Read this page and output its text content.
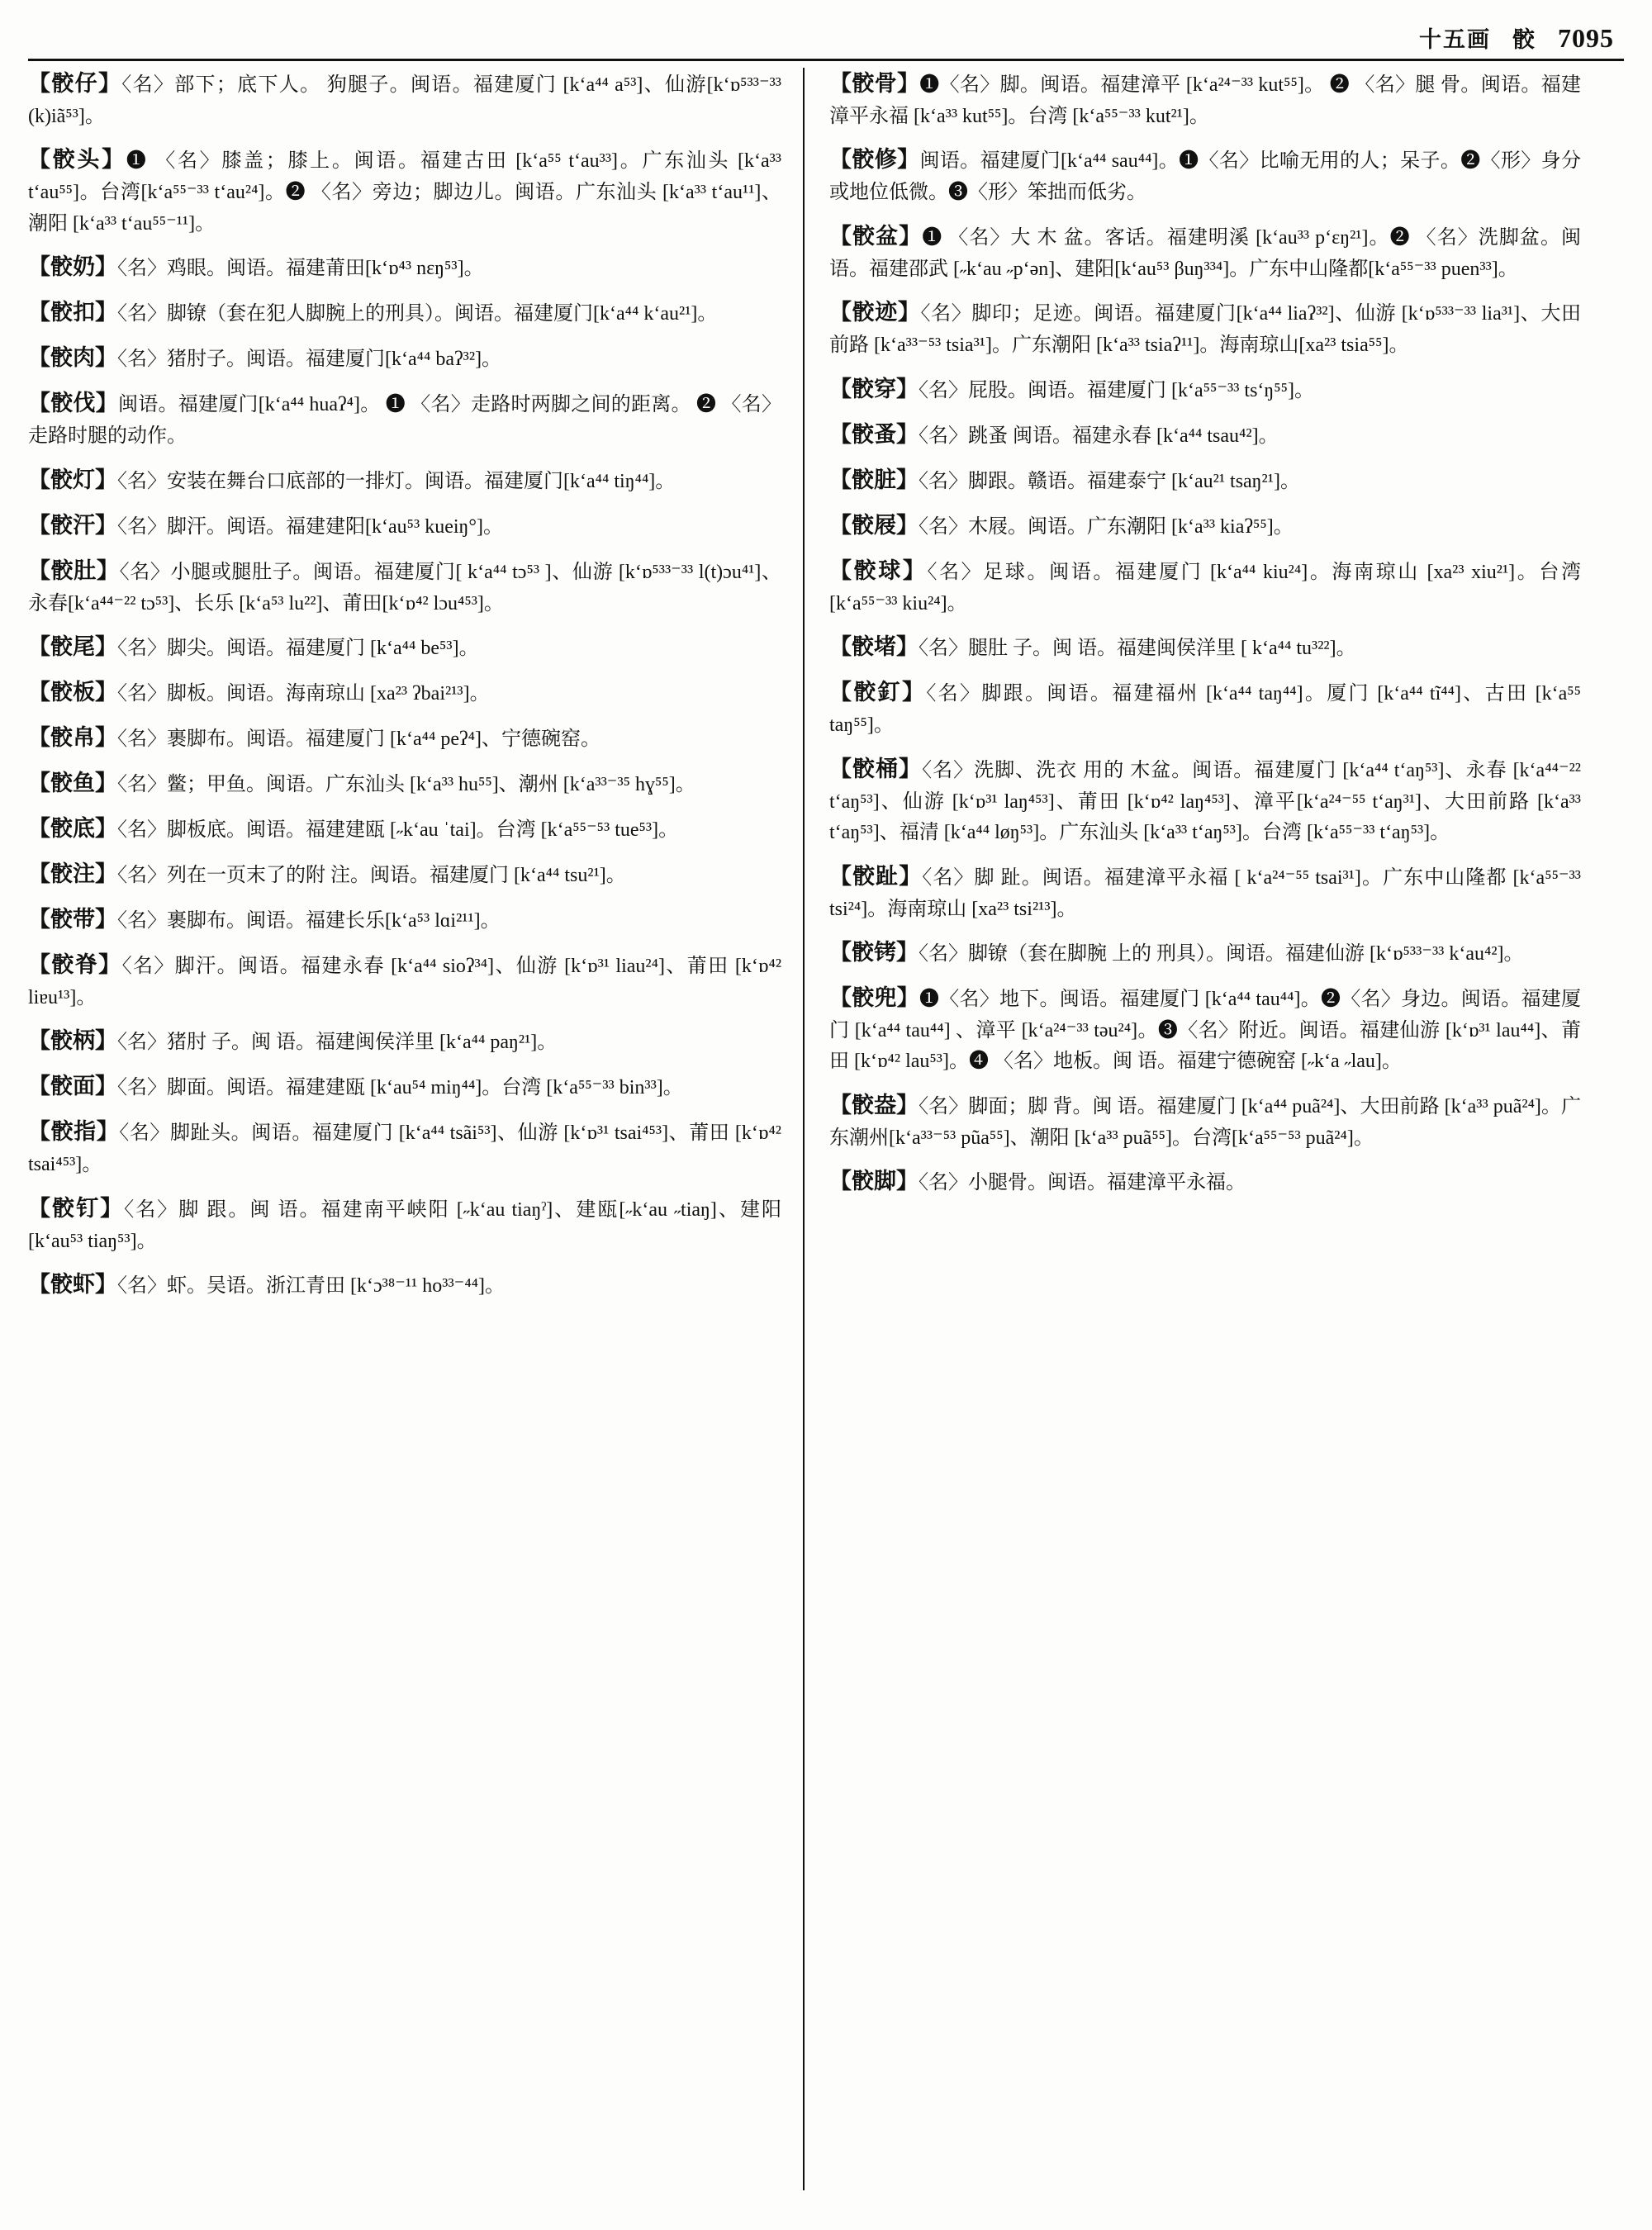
十五画 骹 7095
【骹仔】〈名〉部下；底下人。 狗腿子。闽语。福建厦门 [kʻa⁴⁴ a⁵³]、仙游[kʻɒ⁵³³⁻³³ (k)iã⁵³]。
【骹头】❶ 〈名〉膝盖；膝上。闽语。福建古田 [kʻa⁵⁵ tʻau³³]。广东汕头 [kʻa³³ tʻau⁵⁵]。台湾[kʻa⁵⁵⁻³³ tʻau²⁴]。❷ 〈名〉旁边；脚边儿。闽语。广东汕头 [kʻa³³ tʻau¹¹]、潮阳 [kʻa³³ tʻau⁵⁵⁻¹¹]。
【骹奶】〈名〉鸡眼。闽语。福建莆田[kʻɒ⁴³ nɛŋ⁵³]。
【骹扣】〈名〉脚镣（套在犯人脚腕上的刑具）。闽语。福建厦门[kʻa⁴⁴ kʻau²¹]。
【骹肉】〈名〉猪肘子。闽语。福建厦门[kʻa⁴⁴ baʔ³²]。
【骹伐】闽语。福建厦门[kʻa⁴⁴ huaʔ⁴]。 ❶ 〈名〉走路时两脚之间的距离。 ❷ 〈名〉走路时腿的动作。
【骹灯】〈名〉安装在舞台口底部的一排灯。闽语。福建厦门[kʻa⁴⁴ tiŋ⁴⁴]。
【骹汗】〈名〉脚汗。闽语。福建建阳[kʻau⁵³ kueiŋ°]。
【骹肚】〈名〉小腿或腿肚子。闽语。福建厦门[ kʻa⁴⁴ tɔ⁵³ ]、仙游 [kʻɒ⁵³³⁻³³ l(t)ɔu⁴¹]、永春[kʻa⁴⁴⁻²² tɔ⁵³]、长乐 [kʻa⁵³ lu²²]、莆田[kʻɒ⁴² lɔu⁴⁵³]。
【骹尾】〈名〉脚尖。闽语。福建厦门 [kʻa⁴⁴ be⁵³]。
【骹板】〈名〉脚板。闽语。海南琼山 [xa²³ ʔbai²¹³]。
【骹帛】〈名〉裹脚布。闽语。福建厦门 [kʻa⁴⁴ peʔ⁴]、宁德碗窑。
【骹鱼】〈名〉鳖；甲鱼。闽语。广东汕头 [kʻa³³ hu⁵⁵]、潮州 [kʻa³³⁻³⁵ hɣ⁵⁵]。
【骹底】〈名〉脚板底。闽语。福建建瓯 [˶kʻau ˈtai]。台湾 [kʻa⁵⁵⁻⁵³ tue⁵³]。
【骹注】〈名〉列在一页末了的附 注。闽语。福建厦门 [kʻa⁴⁴ tsu²¹]。
【骹带】〈名〉裹脚布。闽语。福建长乐[kʻa⁵³ lɑi²¹¹]。
【骹脊】〈名〉脚汗。闽语。福建永春 [kʻa⁴⁴ sioʔ³⁴]、仙游 [kʻɒ³¹ liau²⁴]、莆田 [kʻɒ⁴² liɐu¹³]。
【骹柄】〈名〉猪肘 子。闽 语。福建闽侯洋里 [kʻa⁴⁴ paŋ²¹]。
【骹面】〈名〉脚面。闽语。福建建瓯 [kʻau⁵⁴ miŋ⁴⁴]。台湾 [kʻa⁵⁵⁻³³ bin³³]。
【骹指】〈名〉脚趾头。闽语。福建厦门 [kʻa⁴⁴ tsãi⁵³]、仙游 [kʻɒ³¹ tsai⁴⁵³]、莆田 [kʻɒ⁴² tsai⁴⁵³]。
【骹钉】〈名〉脚 跟。闽 语。福建南平峡阳 [˶kʻau tiaŋˀ]、建瓯[˶kʻau ˶tiaŋ]、建阳 [kʻau⁵³ tiaŋ⁵³]。
【骹虾】〈名〉虾。吴语。浙江青田 [kʻɔ³⁸⁻¹¹ ho³³⁻⁴⁴]。
【骹骨】❶〈名〉脚。闽语。福建漳平 [kʻa²⁴⁻³³ kut⁵⁵]。 ❷ 〈名〉腿 骨。闽语。福建漳平永福 [kʻa³³ kut⁵⁵]。台湾 [kʻa⁵⁵⁻³³ kut²¹]。
【骹修】闽语。福建厦门[kʻa⁴⁴ sau⁴⁴]。❶〈名〉比喻无用的人；呆子。❷〈形〉身分或地位低微。❸〈形〉笨拙而低劣。
【骹盆】❶ 〈名〉大 木 盆。客话。福建明溪 [kʻau³³ pʻɛŋ²¹]。❷ 〈名〉洗脚盆。闽 语。福建邵武 [˶kʻau ˶pʻən]、建阳[kʻau⁵³ βuŋ³³⁴]。广东中山隆都[kʻa⁵⁵⁻³³ puen³³]。
【骹迹】〈名〉脚印；足迹。闽语。福建厦门[kʻa⁴⁴ liaʔ³²]、仙游 [kʻɒ⁵³³⁻³³ lia³¹]、大田前路 [kʻa³³⁻⁵³ tsia³¹]。广东潮阳 [kʻa³³ tsiaʔ¹¹]。海南琼山[xa²³ tsia⁵⁵]。
【骹穿】〈名〉屁股。闽语。福建厦门 [kʻa⁵⁵⁻³³ tsʻŋ⁵⁵]。
【骹蚤】〈名〉跳蚤 闽语。福建永春 [kʻa⁴⁴ tsau⁴²]。
【骹脏】〈名〉脚跟。赣语。福建泰宁 [kʻau²¹ tsaŋ²¹]。
【骹屐】〈名〉木屐。闽语。广东潮阳 [kʻa³³ kiaʔ⁵⁵]。
【骹球】〈名〉足球。闽语。福建厦门 [kʻa⁴⁴ kiu²⁴]。海南琼山 [xa²³ xiu²¹]。台湾 [kʻa⁵⁵⁻³³ kiu²⁴]。
【骹堵】〈名〉腿肚 子。闽 语。福建闽侯洋里 [ kʻa⁴⁴ tu³²²]。
【骹釘】〈名〉脚跟。闽语。福建福州 [kʻa⁴⁴ taŋ⁴⁴]。厦门 [kʻa⁴⁴ tĩ⁴⁴]、古田 [kʻa⁵⁵ taŋ⁵⁵]。
【骹桶】〈名〉洗脚、洗衣 用的 木盆。闽语。福建厦门 [kʻa⁴⁴ tʻaŋ⁵³]、永春 [kʻa⁴⁴⁻²² tʻaŋ⁵³]、仙游 [kʻɒ³¹ laŋ⁴⁵³]、莆田 [kʻɒ⁴² laŋ⁴⁵³]、漳平[kʻa²⁴⁻⁵⁵ tʻaŋ³¹]、大田前路 [kʻa³³ tʻaŋ⁵³]、福清 [kʻa⁴⁴ løŋ⁵³]。广东汕头 [kʻa³³ tʻaŋ⁵³]。台湾 [kʻa⁵⁵⁻³³ tʻaŋ⁵³]。
【骹趾】〈名〉脚 趾。闽语。福建漳平永福 [ kʻa²⁴⁻⁵⁵ tsai³¹]。广东中山隆都 [kʻa⁵⁵⁻³³ tsi²⁴]。海南琼山 [xa²³ tsi²¹³]。
【骹铐】〈名〉脚镣（套在脚腕 上的 刑具）。闽语。福建仙游 [kʻɒ⁵³³⁻³³ kʻau⁴²]。
【骹兜】❶〈名〉地下。闽语。福建厦门 [kʻa⁴⁴ tau⁴⁴]。❷〈名〉身边。闽语。福建厦门 [kʻa⁴⁴ tau⁴⁴] 、漳平 [kʻa²⁴⁻³³ təu²⁴]。❸〈名〉附近。闽语。福建仙游 [kʻɒ³¹ lau⁴⁴]、莆田 [kʻɒ⁴² lau⁵³]。❹ 〈名〉地板。闽 语。福建宁德碗窑 [˶kʻa ˶lau]。
【骹盎】〈名〉脚面；脚 背。闽 语。福建厦门 [kʻa⁴⁴ puã²⁴]、大田前路 [kʻa³³ puã²⁴]。广东潮州[kʻa³³⁻⁵³ pũa⁵⁵]、潮阳 [kʻa³³ puã⁵⁵]。台湾[kʻa⁵⁵⁻⁵³ puã²⁴]。
【骹脚】〈名〉小腿骨。闽语。福建漳平永福。
